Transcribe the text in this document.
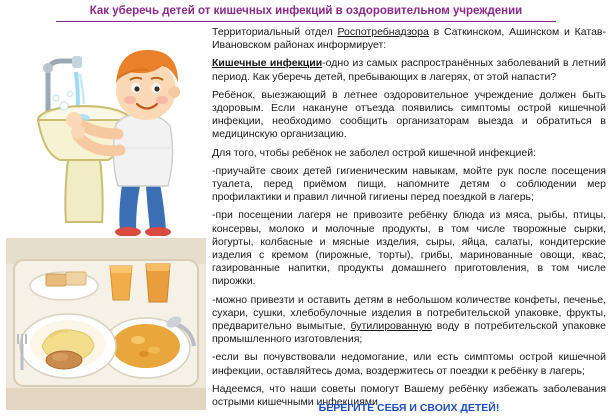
Как уберечь детей от кишечных инфекций в оздоровительном учреждении

Территориальный отдел Роспотребнадзора в Саткинском, Ашинском и Катав-Ивановском районах информирует:

Кишечные инфекции-одно из самых распространённых заболеваний в летний период. Как уберечь детей, пребывающих в лагерях, от этой напасти?

Ребёнок, выезжающий в летнее оздоровительное учреждение должен быть здоровым. Если накануне отъезда появились симптомы острой кишечной инфекции, необходимо сообщить организаторам выезда и обратиться в медицинскую организацию.

Для того, чтобы ребёнок не заболел острой кишечной инфекцией:

-приучайте своих детей гигиеническим навыкам, мойте рук после посещения туалета, перед приёмом пищи, напомните детям о соблюдении мер профилактики и правил личной гигиены перед поездкой в лагерь;

-при посещении лагеря не привозите ребёнку блюда из мяса, рыбы, птицы, консервы, молоко и молочные продукты, в том числе творожные сырки, йогурты, колбасные и мясные изделия, сыры, яйца, салаты, кондитерские изделия с кремом (пирожные, торты), грибы, маринованные овощи, квас, газированные напитки, продукты домашнего приготовления, в том числе пирожки.

-можно привезти и оставить детям в небольшом количестве конфеты, печенье, сухари, сушки, хлебобулочные изделия в потребительской упаковке, фрукты, предварительно вымытые, бутилированную воду в потребительской упаковке промышленного изготовления;

-если вы почувствовали недомогание, или есть симптомы острой кишечной инфекции, оставляйтесь дома, воздержитесь от поездки к ребёнку в лагерь;

Надеемся, что наши советы помогут Вашему ребёнку избежать заболевания острыми кишечными инфекциями

БЕРЕГИТЕ СЕБЯ И СВОИХ ДЕТЕЙ!
